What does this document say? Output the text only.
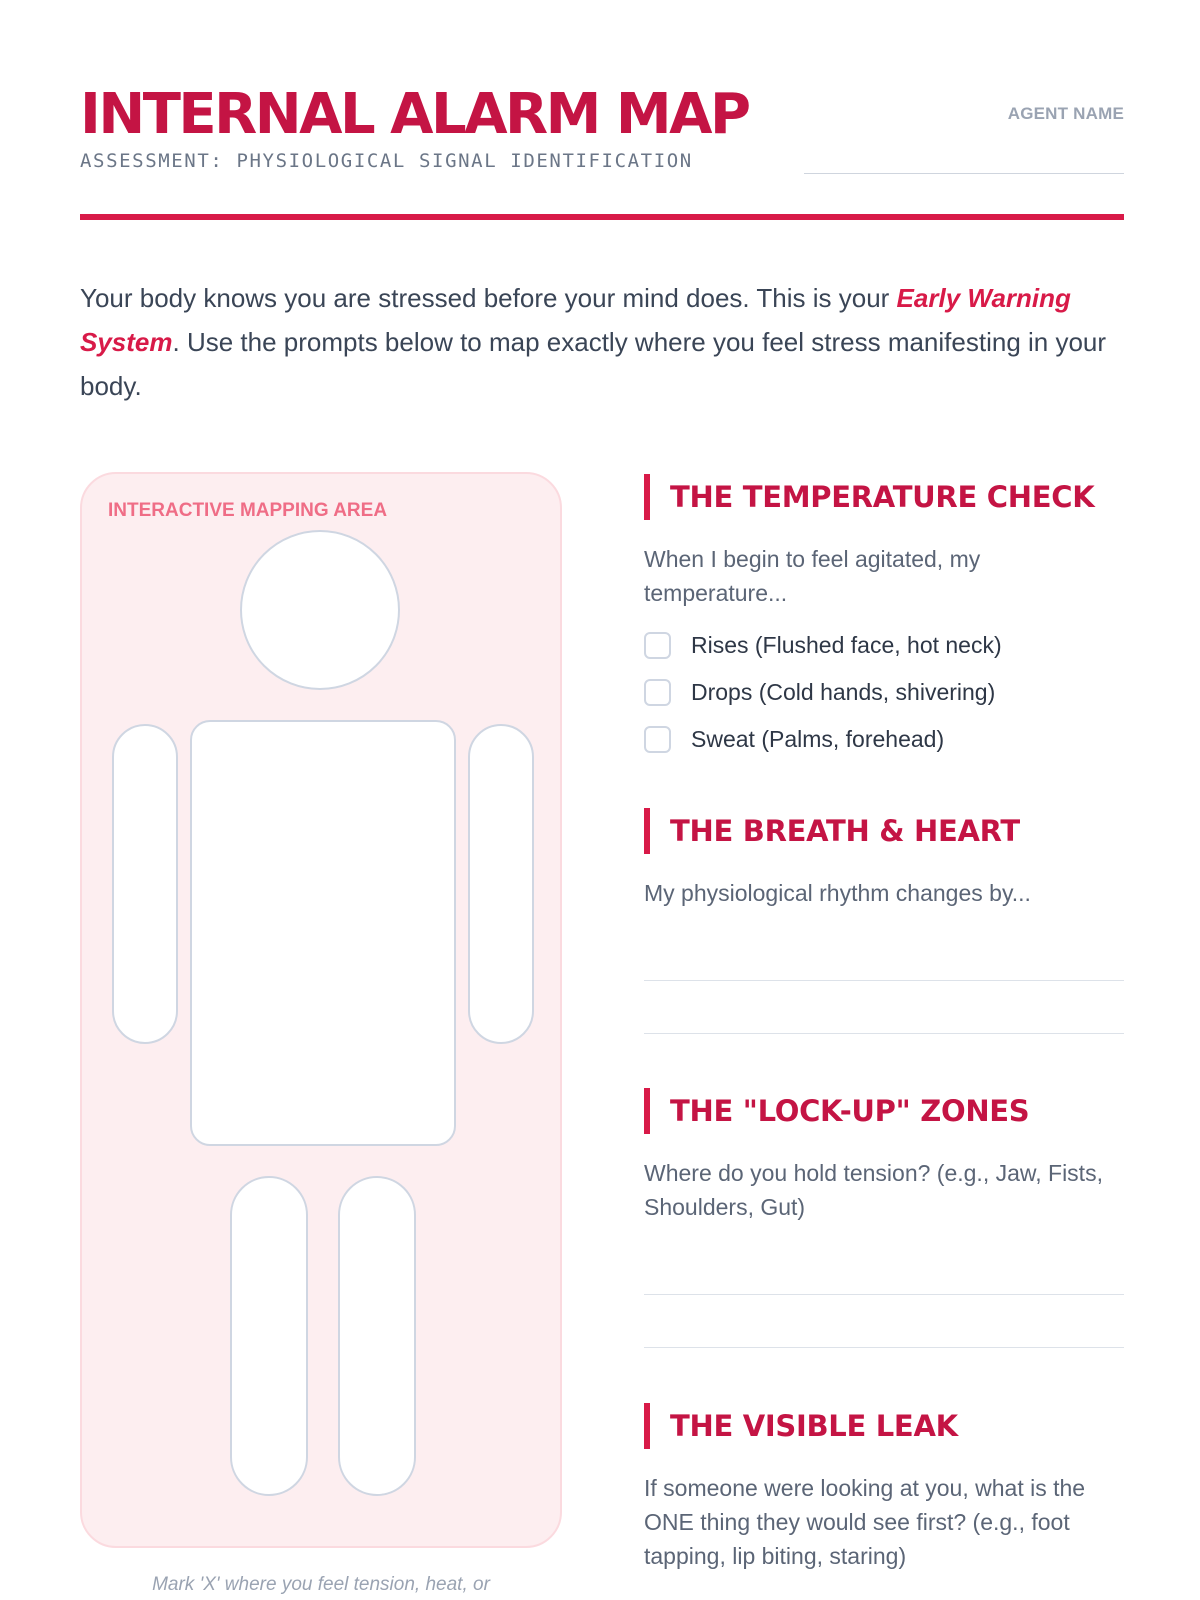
INTERNAL ALARM MAP
ASSESSMENT: PHYSIOLOGICAL SIGNAL IDENTIFICATION
AGENT NAME

Your body knows you are stressed before your mind does. This is your Early Warning System. Use the prompts below to map exactly where you feel stress manifesting in your body.

INTERACTIVE MAPPING AREA
Mark 'X' where you feel tension, heat, or
THE TEMPERATURE CHECK

When I begin to feel agitated, my temperature...

Rises (Flushed face, hot neck)
Drops (Cold hands, shivering)
Sweat (Palms, forehead)
THE BREATH & HEART

My physiological rhythm changes by...

THE "LOCK-UP" ZONES

Where do you hold tension? (e.g., Jaw, Fists, Shoulders, Gut)

THE VISIBLE LEAK

If someone were looking at you, what is the ONE thing they would see first? (e.g., foot tapping, lip biting, staring)
